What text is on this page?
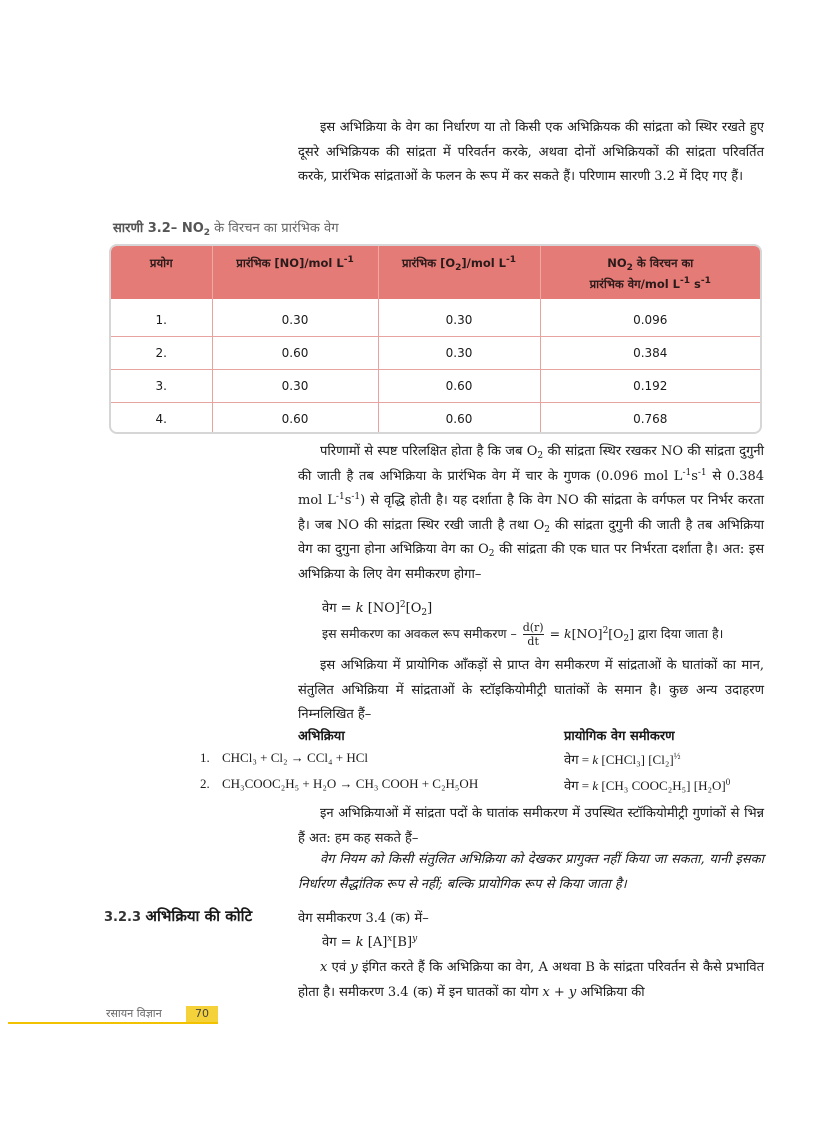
इस अभिक्रिया के वेग का निर्धारण या तो किसी एक अभिक्रियक की सांद्रता को स्थिर रखते हुए दूसरे अभिक्रियक की सांद्रता में परिवर्तन करके, अथवा दोनों अभिक्रियकों की सांद्रता परिवर्तित करके, प्रारंभिक सांद्रताओं के फलन के रूप में कर सकते हैं। परिणाम सारणी 3.2 में दिए गए हैं।

सारणी 3.2– $NO_2$ के विरचन का प्रारंभिक वेग
प्रयोग	प्रारंभिक [NO]/mol $L^{-1}$	प्रारंभिक $[O_2]$/mol $L^{-1}$	$NO_2$ के विरचन का
प्रारंभिक वेग/mol $L^{-1}$ $s^{-1}$

1.	0.30	0.30	0.096
2.	0.60	0.30	0.384
3.	0.30	0.60	0.192
4.	0.60	0.60	0.768

परिणामों से स्पष्ट परिलक्षित होता है कि जब $O_2$ की सांद्रता स्थिर रखकर NO की सांद्रता दुगुनी की जाती है तब अभिक्रिया के प्रारंभिक वेग में चार के गुणक (0.096 mol $L^{-1}s^{-1}$ से 0.384 mol $L^{-1}s^{-1}$) से वृद्धि होती है। यह दर्शाता है कि वेग NO की सांद्रता के वर्गफल पर निर्भर करता है। जब NO की सांद्रता स्थिर रखी जाती है तथा $O_2$ की सांद्रता दुगुनी की जाती है तब अभिक्रिया वेग का दुगुना होना अभिक्रिया वेग का $O_2$ की सांद्रता की एक घात पर निर्भरता दर्शाता है। अत: इस अभिक्रिया के लिए वेग समीकरण होगा–

वेग = k $[NO]^2[O_2]$
इस समीकरण का अवकल रूप समीकरण – $\frac{d(r)}{dt} = k[NO]^2[O_2]$ द्वारा दिया जाता है।

इस अभिक्रिया में प्रायोगिक आँकड़ों से प्राप्त वेग समीकरण में सांद्रताओं के घातांकों का मान, संतुलित अभिक्रिया में सांद्रताओं के स्टॉइकियोमीट्री घातांकों के समान है। कुछ अन्य उदाहरण निम्नलिखित हैं–

अभिक्रिया	प्रायोगिक वेग समीकरण
1. CHCl₃ + Cl₂ → CCl₄ + HCl	वेग = k [CHCl₃] $[Cl_2]^{\frac{1}{2}}$
2. CH₃COOC₂H₅ + H₂O → CH₃ COOH + C₂H₅OH	वेग = k [CH₃ COOC₂H₅] $[H_2O]^0$

इन अभिक्रियाओं में सांद्रता पदों के घातांक समीकरण में उपस्थित स्टॉकियोमीट्री गुणांकों से भिन्न हैं अत: हम कह सकते हैं–

वेग नियम को किसी संतुलित अभिक्रिया को देखकर प्रागुक्त नहीं किया जा सकता, यानी इसका निर्धारण सैद्धांतिक रूप से नहीं; बल्कि प्रायोगिक रूप से किया जाता है।

3.2.3 अभिक्रिया की कोटि	वेग समीकरण 3.4 (क) में–
वेग = k $[A]^x[B]^y$

x एवं y इंगित करते हैं कि अभिक्रिया का वेग, A अथवा B के सांद्रता परिवर्तन से कैसे प्रभावित होता है। समीकरण 3.4 (क) में इन घातकों का योग x + y अभिक्रिया की

रसायन विज्ञान	70
